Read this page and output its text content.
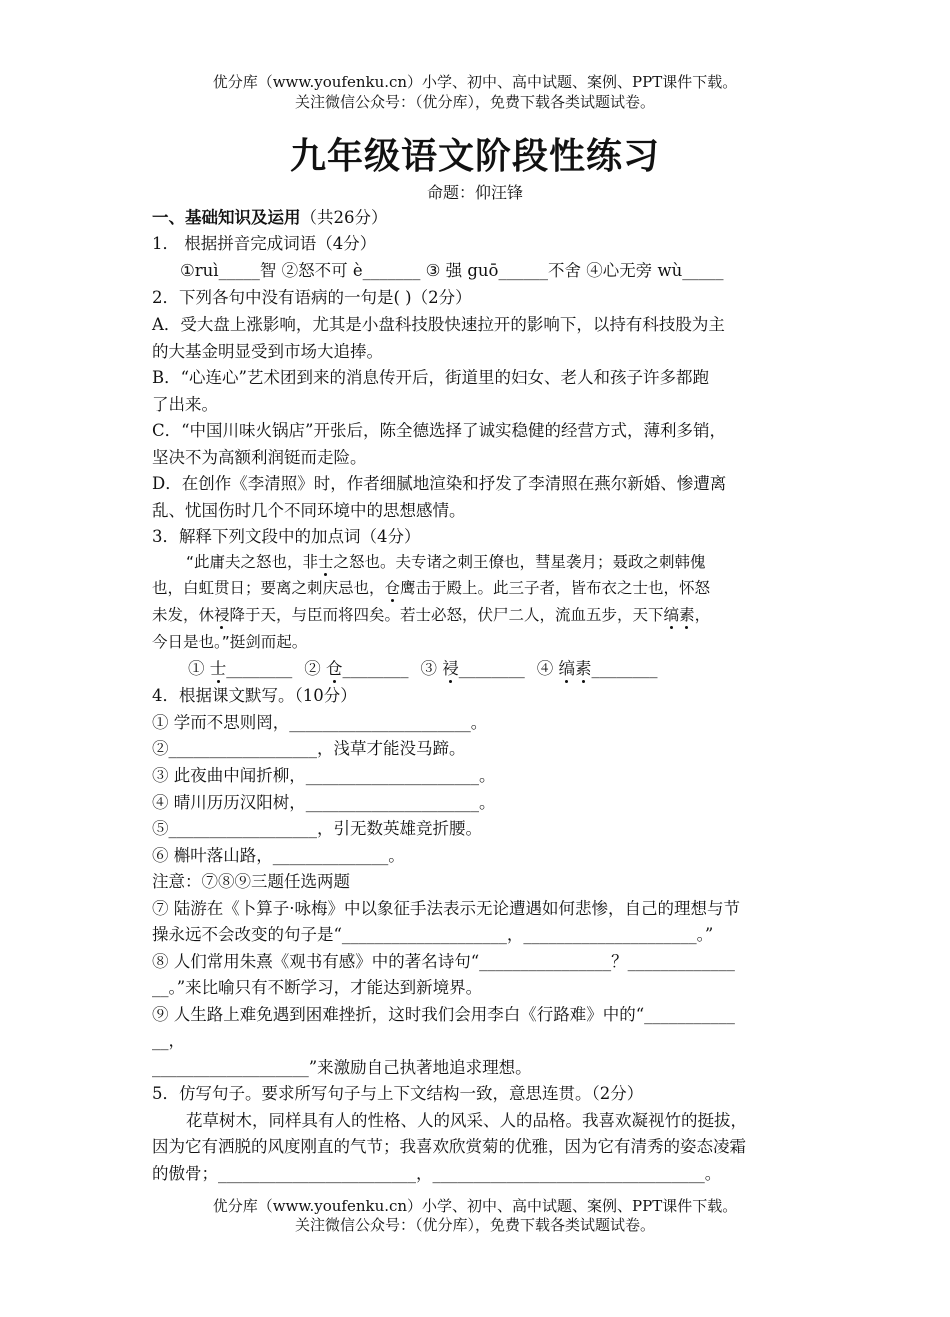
优分库（www.youfenku.cn）小学、初中、高中试题、案例、PPT课件下载。
关注微信公众号：（优分库），免费下载各类试题试卷。
九年级语文阶段性练习
命题：仰汪锋
一、基础知识及运用（共26分）
1． 根据拼音完成词语（4分）
①ruì_____智 ②怒不可 è_______ ③ 强 guō______不舍 ④心无旁 wù_____
2．下列各句中没有语病的一句是( )（2分）
A．受大盘上涨影响，尤其是小盘科技股快速拉开的影响下，以持有科技股为主
的大基金明显受到市场大追捧。
B．“心连心”艺术团到来的消息传开后，街道里的妇女、老人和孩子许多都跑
了出来。
C．“中国川味火锅店”开张后，陈全德选择了诚实稳健的经营方式，薄利多销，
坚决不为高额利润铤而走险。
D．在创作《李清照》时，作者细腻地渲染和抒发了李清照在燕尔新婚、惨遭离
乱、忧国伤时几个不同环境中的思想感情。
3．解释下列文段中的加点词（4分）
“此庸夫之怒也，非士之怒也。夫专诸之刺王僚也，彗星袭月；聂政之刺韩傀
也，白虹贯日；要离之刺庆忌也，仓鹰击于殿上。此三子者，皆布衣之士也，怀怒
未发，休祲降于天，与臣而将四矣。若士必怒，伏尸二人，流血五步，天下缟素，
今日是也。”挺剑而起。
① 士________ ② 仓________ ③ 祲________ ④ 缟素________
4．根据课文默写。（10分）
① 学而不思则罔，______________________。
②__________________，浅草才能没马蹄。
③ 此夜曲中闻折柳，_____________________。
④ 晴川历历汉阳树，_____________________。
⑤__________________，引无数英雄竞折腰。
⑥ 槲叶落山路，______________。
注意：⑦⑧⑨三题任选两题
⑦ 陆游在《卜算子·咏梅》中以象征手法表示无论遭遇如何悲惨，自己的理想与节
操永远不会改变的句子是“____________________，_____________________。”
⑧ 人们常用朱熹《观书有感》中的著名诗句“________________？_____________
__。”来比喻只有不断学习，才能达到新境界。
⑨ 人生路上难免遇到困难挫折，这时我们会用李白《行路难》中的“___________
__，
___________________”来激励自己执著地追求理想。
5．仿写句子。要求所写句子与上下文结构一致，意思连贯。（2分）
花草树木，同样具有人的性格、人的风采、人的品格。我喜欢凝视竹的挺拔，
因为它有洒脱的风度刚直的气节；我喜欢欣赏菊的优雅，因为它有清秀的姿态凌霜
的傲骨；________________________，_________________________________。
优分库（www.youfenku.cn）小学、初中、高中试题、案例、PPT课件下载。
关注微信公众号：（优分库），免费下载各类试题试卷。
